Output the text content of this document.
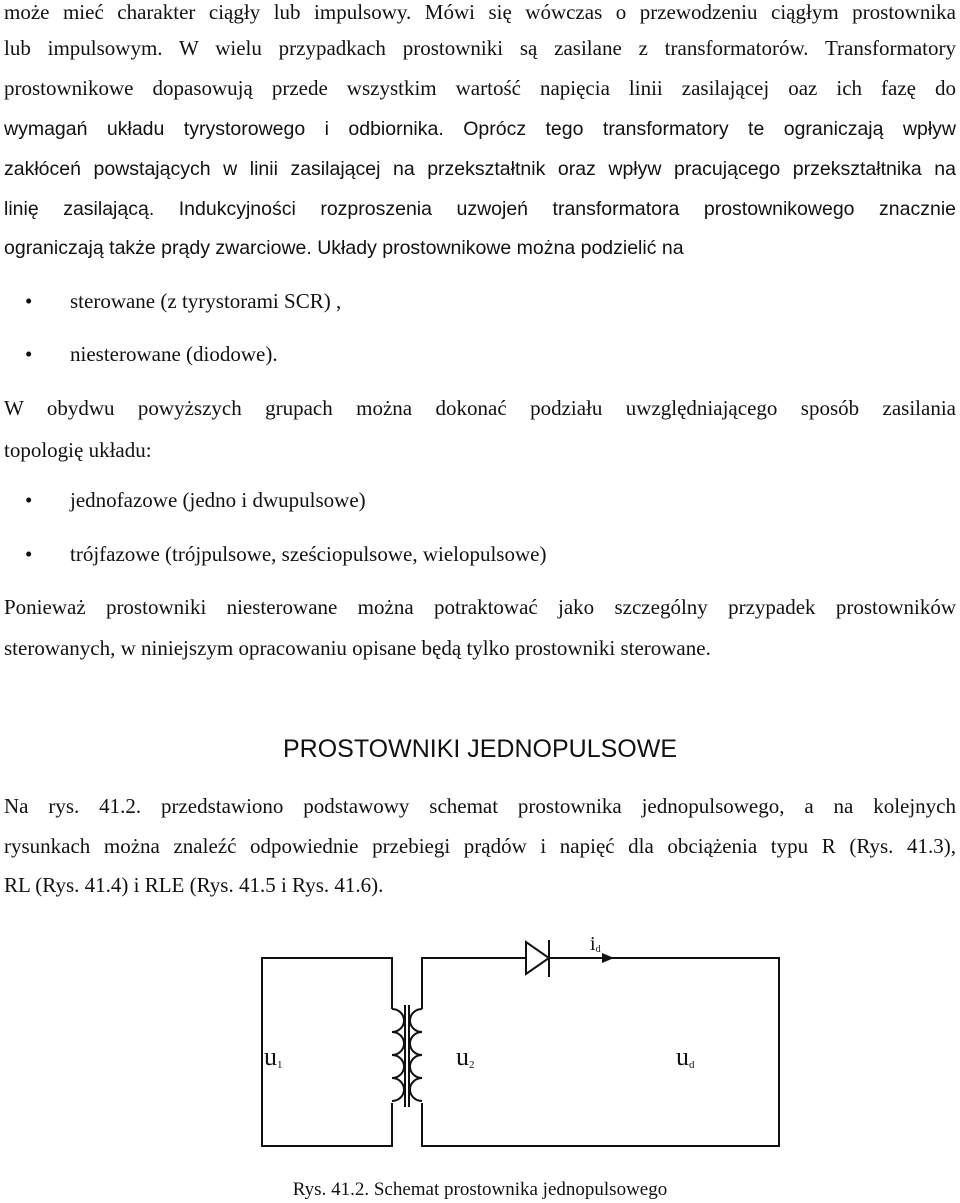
może mieć charakter ciągły lub impulsowy. Mówi się wówczas o przewodzeniu ciągłym prostownika
lub impulsowym. W wielu przypadkach prostowniki są zasilane z transformatorów. Transformatory
prostownikowe dopasowują przede wszystkim wartość napięcia linii zasilającej oaz ich fazę do
wymagań układu tyrystorowego i odbiornika. Oprócz tego transformatory te ograniczają wpływ
zakłóceń powstających w linii zasilającej na przekształtnik oraz wpływ pracującego przekształtnika na
linię zasilającą. Indukcyjności rozproszenia uzwojeń transformatora prostownikowego znacznie
ograniczają także prądy zwarciowe. Układy prostownikowe można podzielić na
• sterowane (z tyrystorami SCR) ,
• niesterowane (diodowe).
W obydwu powyższych grupach można dokonać podziału uwzględniającego sposób zasilania
topologię układu:
• jednofazowe (jedno i dwupulsowe)
• trójfazowe (trójpulsowe, sześciopulsowe, wielopulsowe)
Ponieważ prostowniki niesterowane można potraktować jako szczególny przypadek prostowników
sterowanych, w niniejszym opracowaniu opisane będą tylko prostowniki sterowane.
PROSTOWNIKI JEDNOPULSOWE
Na rys. 41.2. przedstawiono podstawowy schemat prostownika jednopulsowego, a na kolejnych
rysunkach można znaleźć odpowiednie przebiegi prądów i napięć dla obciążenia typu R (Rys. 41.3),
RL (Rys. 41.4) i RLE (Rys. 41.5 i Rys. 41.6).
u1	u2	ud
id
Rys. 41.2. Schemat prostownika jednopulsowego
